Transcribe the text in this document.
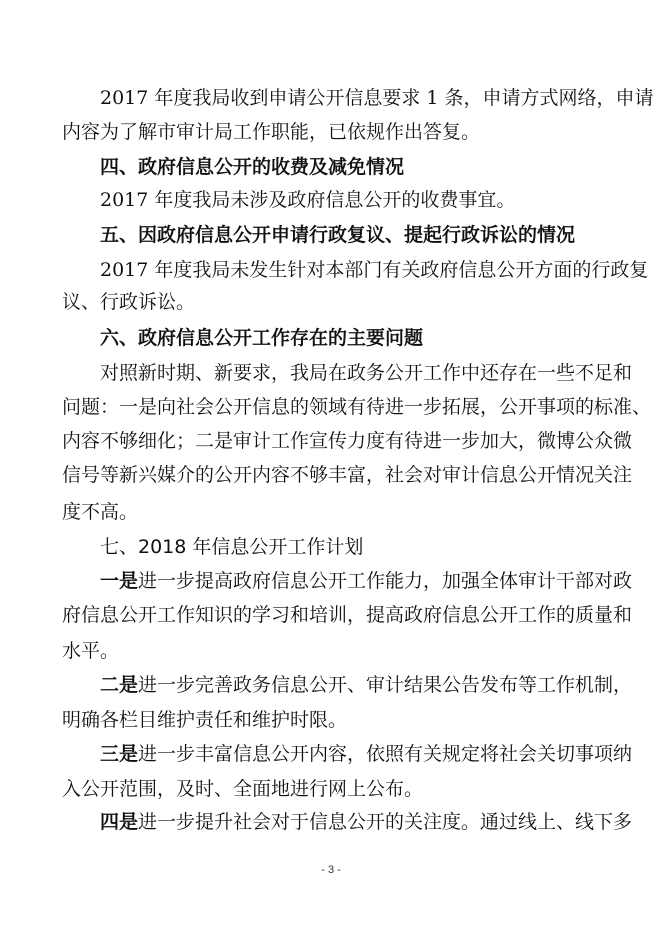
2017 年度我局收到申请公开信息要求 1 条，申请方式网络，申请
内容为了解市审计局工作职能，已依规作出答复。
四、政府信息公开的收费及减免情况
2017 年度我局未涉及政府信息公开的收费事宜。
五、因政府信息公开申请行政复议、提起行政诉讼的情况
2017 年度我局未发生针对本部门有关政府信息公开方面的行政复
议、行政诉讼。
六、政府信息公开工作存在的主要问题
对照新时期、新要求，我局在政务公开工作中还存在一些不足和
问题：一是向社会公开信息的领域有待进一步拓展，公开事项的标准、
内容不够细化；二是审计工作宣传力度有待进一步加大，微博公众微
信号等新兴媒介的公开内容不够丰富，社会对审计信息公开情况关注
度不高。
七、2018 年信息公开工作计划
一是进一步提高政府信息公开工作能力，加强全体审计干部对政
府信息公开工作知识的学习和培训，提高政府信息公开工作的质量和
水平。
二是进一步完善政务信息公开、审计结果公告发布等工作机制，
明确各栏目维护责任和维护时限。
三是进一步丰富信息公开内容，依照有关规定将社会关切事项纳
入公开范围，及时、全面地进行网上公布。
四是进一步提升社会对于信息公开的关注度。通过线上、线下多
- 3 -
